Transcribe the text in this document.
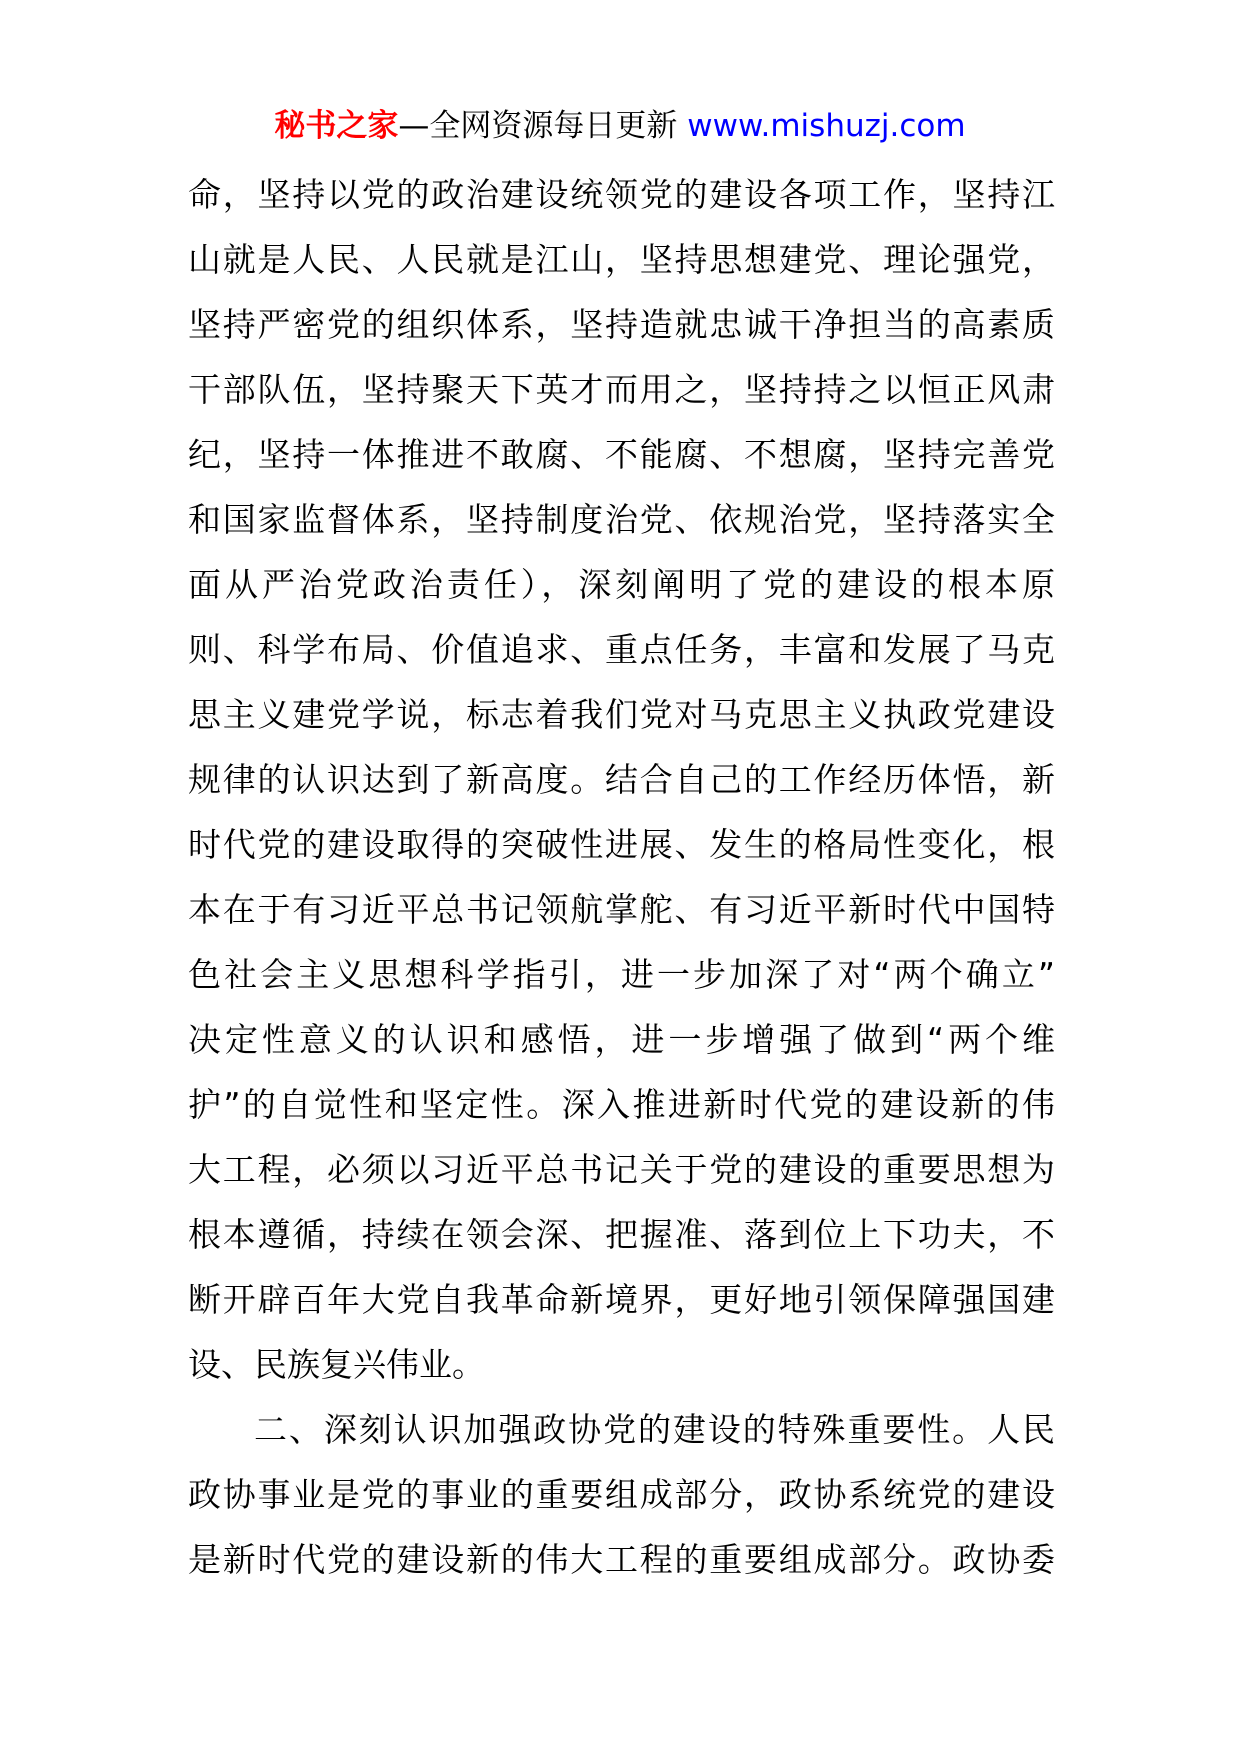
秘书之家—全网资源每日更新 www.mishuzj.com
命，坚持以党的政治建设统领党的建设各项工作，坚持江
山就是人民、人民就是江山，坚持思想建党、理论强党，
坚持严密党的组织体系，坚持造就忠诚干净担当的高素质
干部队伍，坚持聚天下英才而用之，坚持持之以恒正风肃
纪，坚持一体推进不敢腐、不能腐、不想腐，坚持完善党
和国家监督体系，坚持制度治党、依规治党，坚持落实全
面从严治党政治责任），深刻阐明了党的建设的根本原
则、科学布局、价值追求、重点任务，丰富和发展了马克
思主义建党学说，标志着我们党对马克思主义执政党建设
规律的认识达到了新高度。结合自己的工作经历体悟，新
时代党的建设取得的突破性进展、发生的格局性变化，根
本在于有习近平总书记领航掌舵、有习近平新时代中国特
色社会主义思想科学指引，进一步加深了对“两个确立”
决定性意义的认识和感悟，进一步增强了做到“两个维
护”的自觉性和坚定性。深入推进新时代党的建设新的伟
大工程，必须以习近平总书记关于党的建设的重要思想为
根本遵循，持续在领会深、把握准、落到位上下功夫，不
断开辟百年大党自我革命新境界，更好地引领保障强国建
设、民族复兴伟业。
二、深刻认识加强政协党的建设的特殊重要性。人民
政协事业是党的事业的重要组成部分，政协系统党的建设
是新时代党的建设新的伟大工程的重要组成部分。政协委
